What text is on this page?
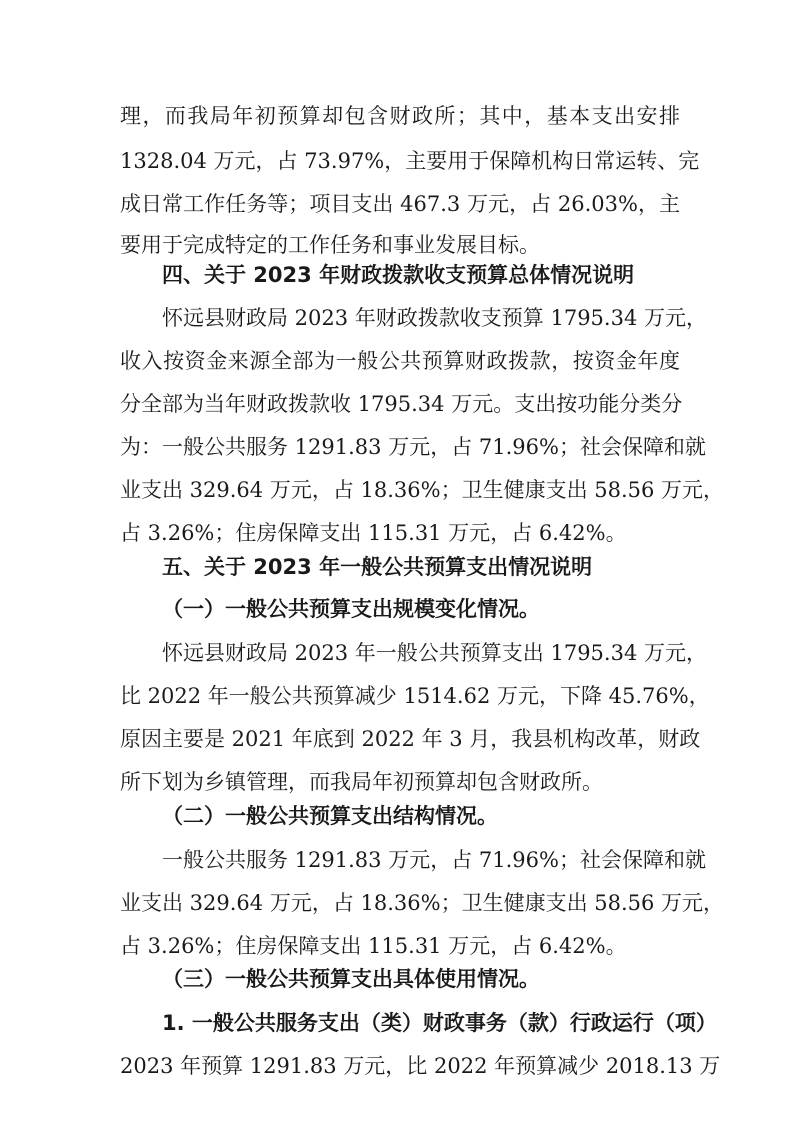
理，而我局年初预算却包含财政所；其中，基本支出安排
1328.04 万元，占 73.97%，主要用于保障机构日常运转、完
成日常工作任务等；项目支出 467.3 万元，占 26.03%，主
要用于完成特定的工作任务和事业发展目标。
四、关于 2023 年财政拨款收支预算总体情况说明
怀远县财政局 2023 年财政拨款收支预算 1795.34 万元，
收入按资金来源全部为一般公共预算财政拨款，按资金年度
分全部为当年财政拨款收 1795.34 万元。支出按功能分类分
为：一般公共服务 1291.83 万元，占 71.96%；社会保障和就
业支出 329.64 万元，占 18.36%；卫生健康支出 58.56 万元，
占 3.26%；住房保障支出 115.31 万元，占 6.42%。
五、关于 2023 年一般公共预算支出情况说明
（一）一般公共预算支出规模变化情况。
怀远县财政局 2023 年一般公共预算支出 1795.34 万元，
比 2022 年一般公共预算减少 1514.62 万元，下降 45.76%，
原因主要是 2021 年底到 2022 年 3 月，我县机构改革，财政
所下划为乡镇管理，而我局年初预算却包含财政所。
（二）一般公共预算支出结构情况。
一般公共服务 1291.83 万元，占 71.96%；社会保障和就
业支出 329.64 万元，占 18.36%；卫生健康支出 58.56 万元，
占 3.26%；住房保障支出 115.31 万元，占 6.42%。
（三）一般公共预算支出具体使用情况。
1. 一般公共服务支出（类）财政事务（款）行政运行（项）
2023 年预算 1291.83 万元，比 2022 年预算减少 2018.13 万
